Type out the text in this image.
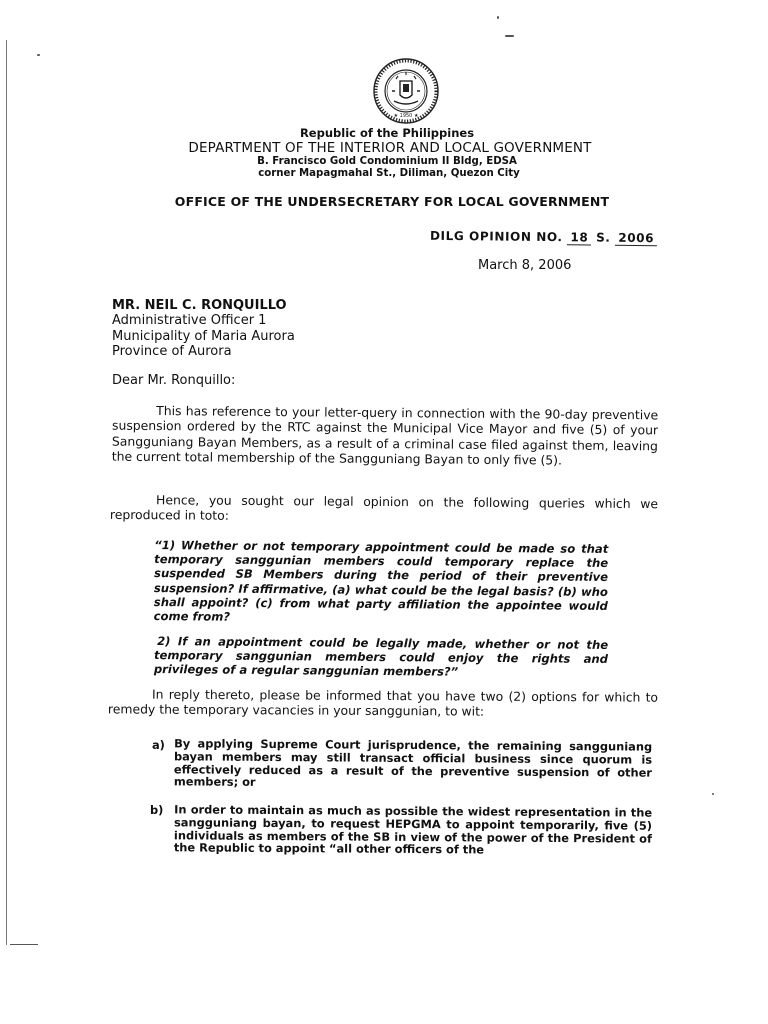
★ 1950 ★
Republic of the Philippines
DEPARTMENT OF THE INTERIOR AND LOCAL GOVERNMENT
B. Francisco Gold Condominium II Bldg, EDSA
corner Mapagmahal St., Diliman, Quezon City
OFFICE OF THE UNDERSECRETARY FOR LOCAL GOVERNMENT
DILG OPINION NO. 18 S. 2006
March 8, 2006
MR. NEIL C. RONQUILLO
Administrative Officer 1
Municipality of Maria Aurora
Province of Aurora
Dear Mr. Ronquillo:
This has reference to your letter-query in connection with the 90-day preventive suspension ordered by the RTC against the Municipal Vice Mayor and five (5) of your Sangguniang Bayan Members, as a result of a criminal case filed against them, leaving the current total membership of the Sangguniang Bayan to only five (5).
Hence, you sought our legal opinion on the following queries which we reproduced in toto:
“1) Whether or not temporary appointment could be made so that temporary sanggunian members could temporary replace the suspended SB Members during the period of their preventive suspension? If affirmative, (a) what could be the legal basis? (b) who shall appoint? (c) from what party affiliation the appointee would come from?
2) If an appointment could be legally made, whether or not the temporary sanggunian members could enjoy the rights and privileges of a regular sanggunian members?”
In reply thereto, please be informed that you have two (2) options for which to remedy the temporary vacancies in your sanggunian, to wit:
a) By applying Supreme Court jurisprudence, the remaining sangguniang bayan members may still transact official business since quorum is effectively reduced as a result of the preventive suspension of other members; or
b) In order to maintain as much as possible the widest representation in the sangguniang bayan, to request HEPGMA to appoint temporarily, five (5) individuals as members of the SB in view of the power of the President of the Republic to appoint “all other officers of the
